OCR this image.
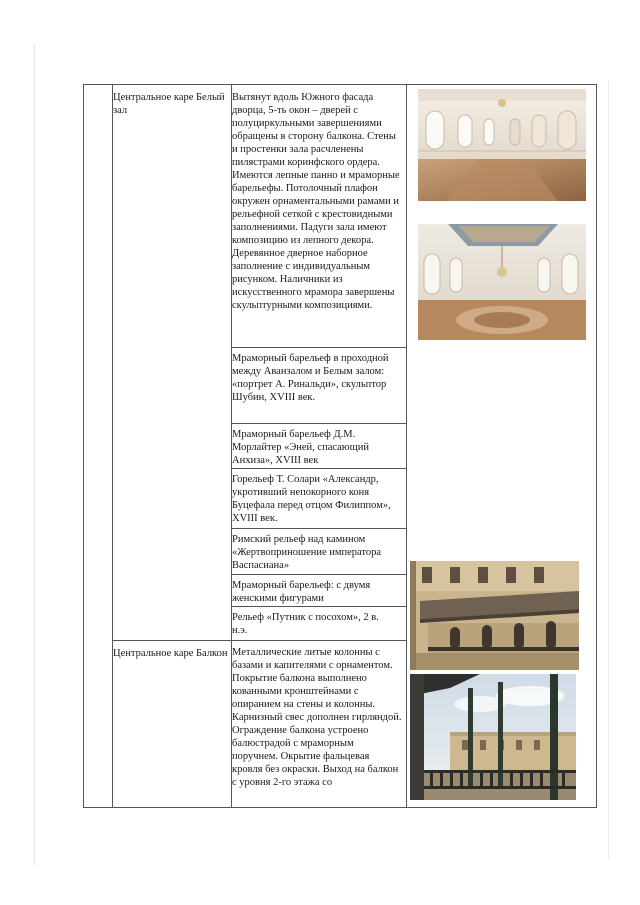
Центральное каре Белый зал
Вытянут вдоль Южного фасада дворца, 5-ть окон – дверей с полуциркульными завершениями обращены в сторону балкона. Стены и простенки зала расчленены пилястрами коринфского ордера. Имеются лепные панно и мраморные барельефы. Потолочный плафон окружен орнаментальными рамами и рельефной сеткой с крестовидными заполнениями. Падуги зала имеют композицию из лепного декора. Деревянное дверное наборное заполнение с индивидуальным рисунком. Наличники из искусственного мрамора завершены скульптурными композициями.
Мраморный барельеф в проходной между Аванзалом и Белым залом: «портрет А. Ринальди», скульптор Шубин, XVIII век.
Мраморный барельеф Д.М. Морлайтер «Эней, спасающий Анхиза», XVIII век
Горельеф Т. Солари «Александр, укротивший непокорного коня Буцефала перед отцом Филиппом», XVIII век.
Римский рельеф над камином «Жертвоприношение императора Васпасиана»
Мраморный барельеф: с двумя женскими фигурами
Рельеф «Путник с посохом», 2 в. н.э.
Центральное каре Балкон Металлические литые колонны с базами и капителями с орнаментом. Покрытие балкона выполнено кованными кронштейнами с опиранием на стены и колонны. Карнизный свес дополнен гирляндой. Ограждение балкона устроено балюстрадой с мраморным поручнем. Окрытие фальцевая кровля без окраски. Выход на балкон с уровня 2-го этажа со
